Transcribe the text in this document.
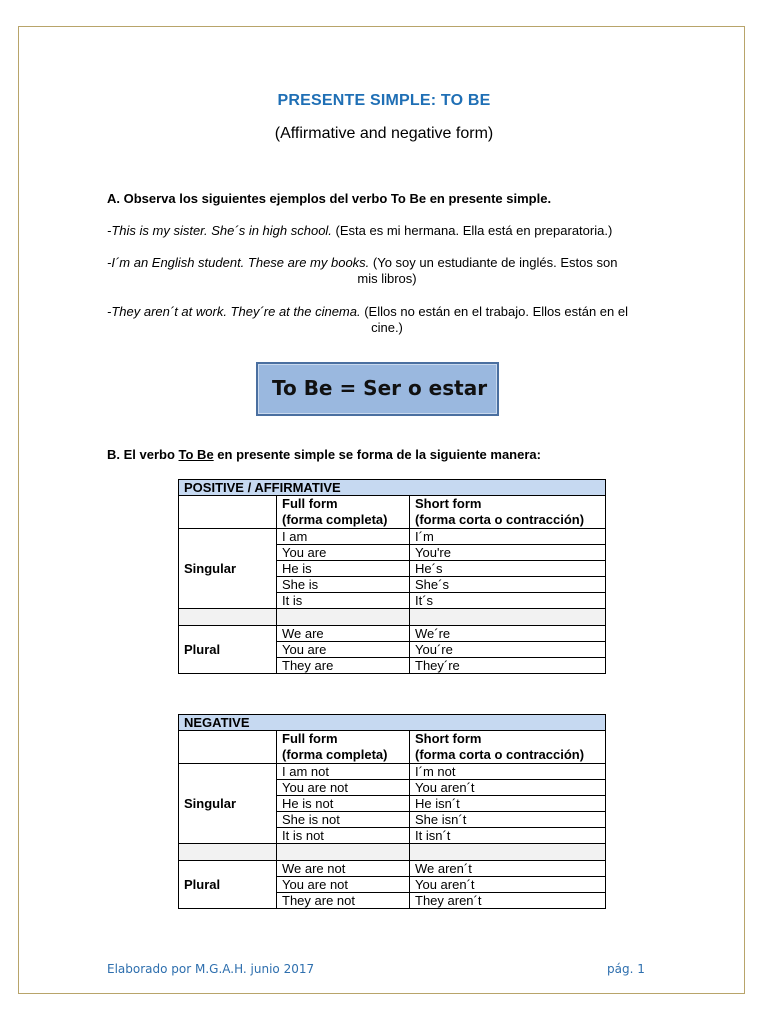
PRESENTE SIMPLE: TO BE
(Affirmative and negative form)
A. Observa los siguientes ejemplos del verbo To Be en presente simple.
-This is my sister. She´s in high school. (Esta es mi hermana. Ella está en preparatoria.)
-I´m an English student. These are my books. (Yo soy un estudiante de inglés. Estos son
mis libros)
-They aren´t at work. They´re at the cinema. (Ellos no están en el trabajo. Ellos están en el
cine.)
To Be = Ser o estar
B. El verbo To Be en presente simple se forma de la siguiente manera:
POSITIVE / AFFIRMATIVE		
	Full form
(forma completa)	Short form
(forma corta o contracción)
Singular	I am	I´m
	You are	You're
	He is	He´s
	She is	She´s
	It is	It´s

Plural	We are	We´re
	You are	You´re
	They are	They´re
NEGATIVE		
	Full form
(forma completa)	Short form
(forma corta o contracción)
Singular	I am not	I´m not
	You are not	You aren´t
	He is not	He isn´t
	She is not	She isn´t
	It is not	It isn´t

Plural	We are not	We aren´t
	You are not	You aren´t
	They are not	They aren´t
Elaborado por M.G.A.H. junio 2017	pág. 1
